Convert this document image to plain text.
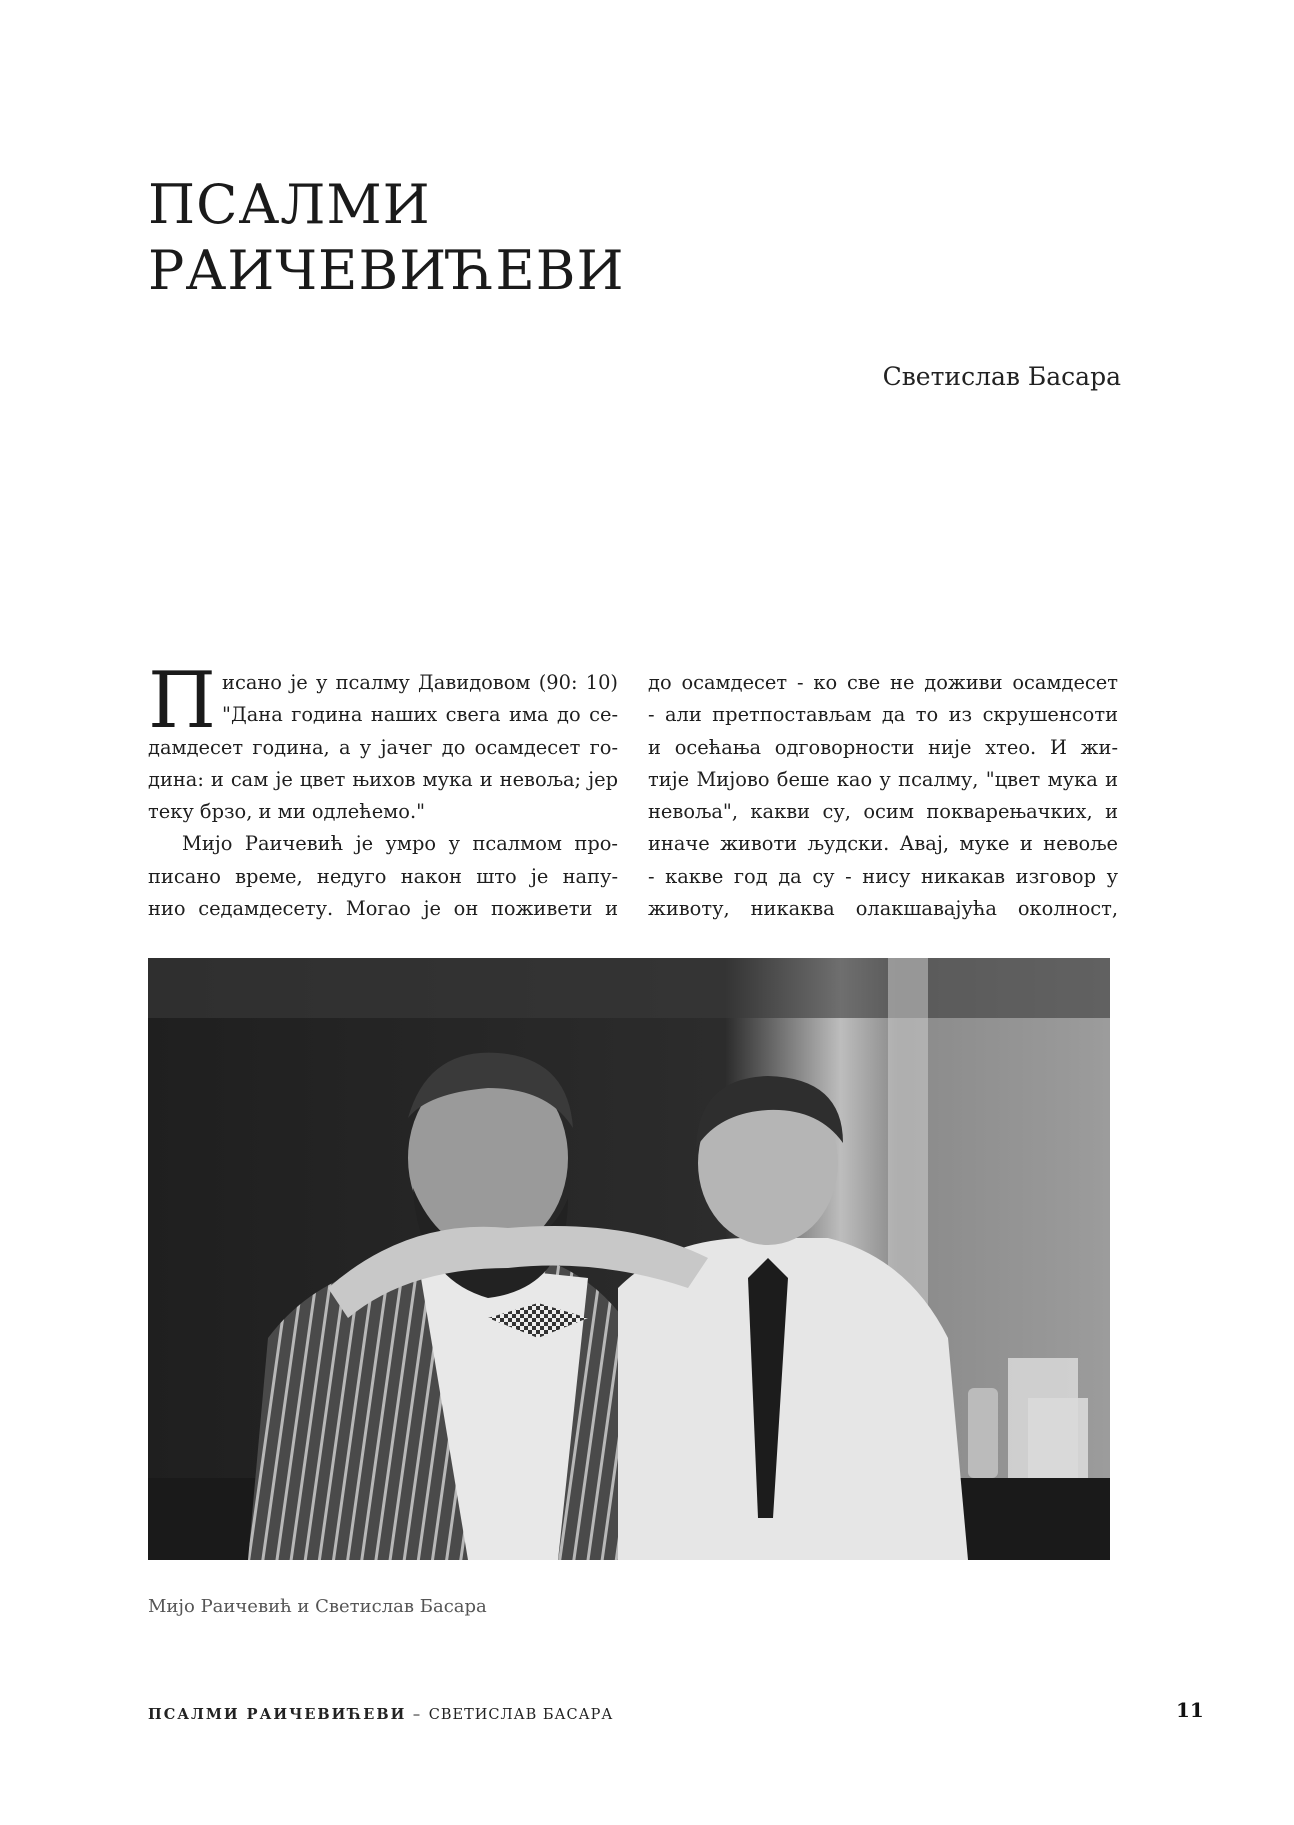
ПСАЛМИ
РАИЧЕВИЋЕВИ
Светислав Басара
П исано је у псалму Давидовом (90: 10)

"Дана година наших свега има до се-

дамдесет година, а у јачег до осамдесет го-

дина: и сам је цвет њихов мука и невоља; јер

теку брзо, и ми одлећемо."

Мијо Раичевић је умро у псалмом про-

писано време, недуго након што је напу-

нио седамдесету. Могао је он поживети и

до осамдесет - ко све не доживи осамдесет

- али претпостављам да то из скрушенсоти

и осећања одговорности није хтео. И жи-

тије Мијово беше као у псалму, "цвет мука и

невоља", какви су, осим покварењачких, и

иначе животи људски. Авај, муке и невоље

- какве год да су - нису никакав изговор у

животу, никаква олакшавајућа околност,

Мијо Раичевић и Светислав Басара
ПСАЛМИ РАИЧЕВИЋЕВИ – СВЕТИСЛАВ БАСАРА	11
